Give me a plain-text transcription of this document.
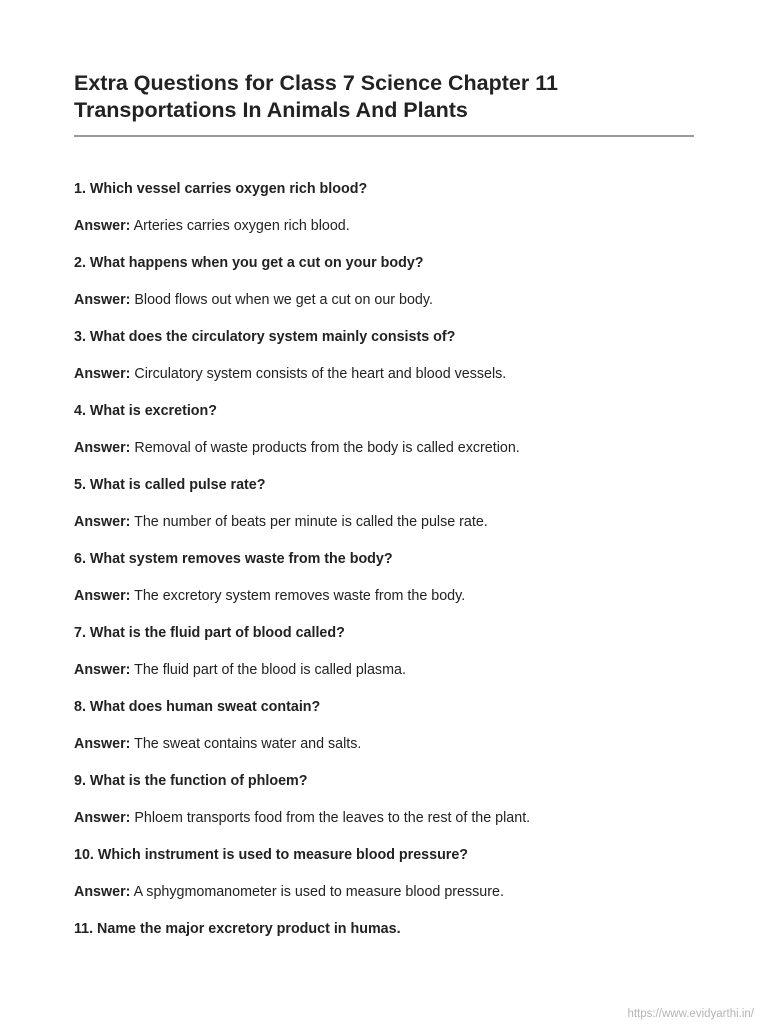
Extra Questions for Class 7 Science Chapter 11
Transportations In Animals And Plants
1. Which vessel carries oxygen rich blood?
Answer: Arteries carries oxygen rich blood.
2. What happens when you get a cut on your body?
Answer: Blood flows out when we get a cut on our body.
3. What does the circulatory system mainly consists of?
Answer: Circulatory system consists of the heart and blood vessels.
4. What is excretion?
Answer: Removal of waste products from the body is called excretion.
5. What is called pulse rate?
Answer: The number of beats per minute is called the pulse rate.
6. What system removes waste from the body?
Answer: The excretory system removes waste from the body.
7. What is the fluid part of blood called?
Answer: The fluid part of the blood is called plasma.
8. What does human sweat contain?
Answer: The sweat contains water and salts.
9. What is the function of phloem?
Answer: Phloem transports food from the leaves to the rest of the plant.
10. Which instrument is used to measure blood pressure?
Answer: A sphygmomanometer is used to measure blood pressure.
11. Name the major excretory product in humas.
https://www.evidyarthi.in/
